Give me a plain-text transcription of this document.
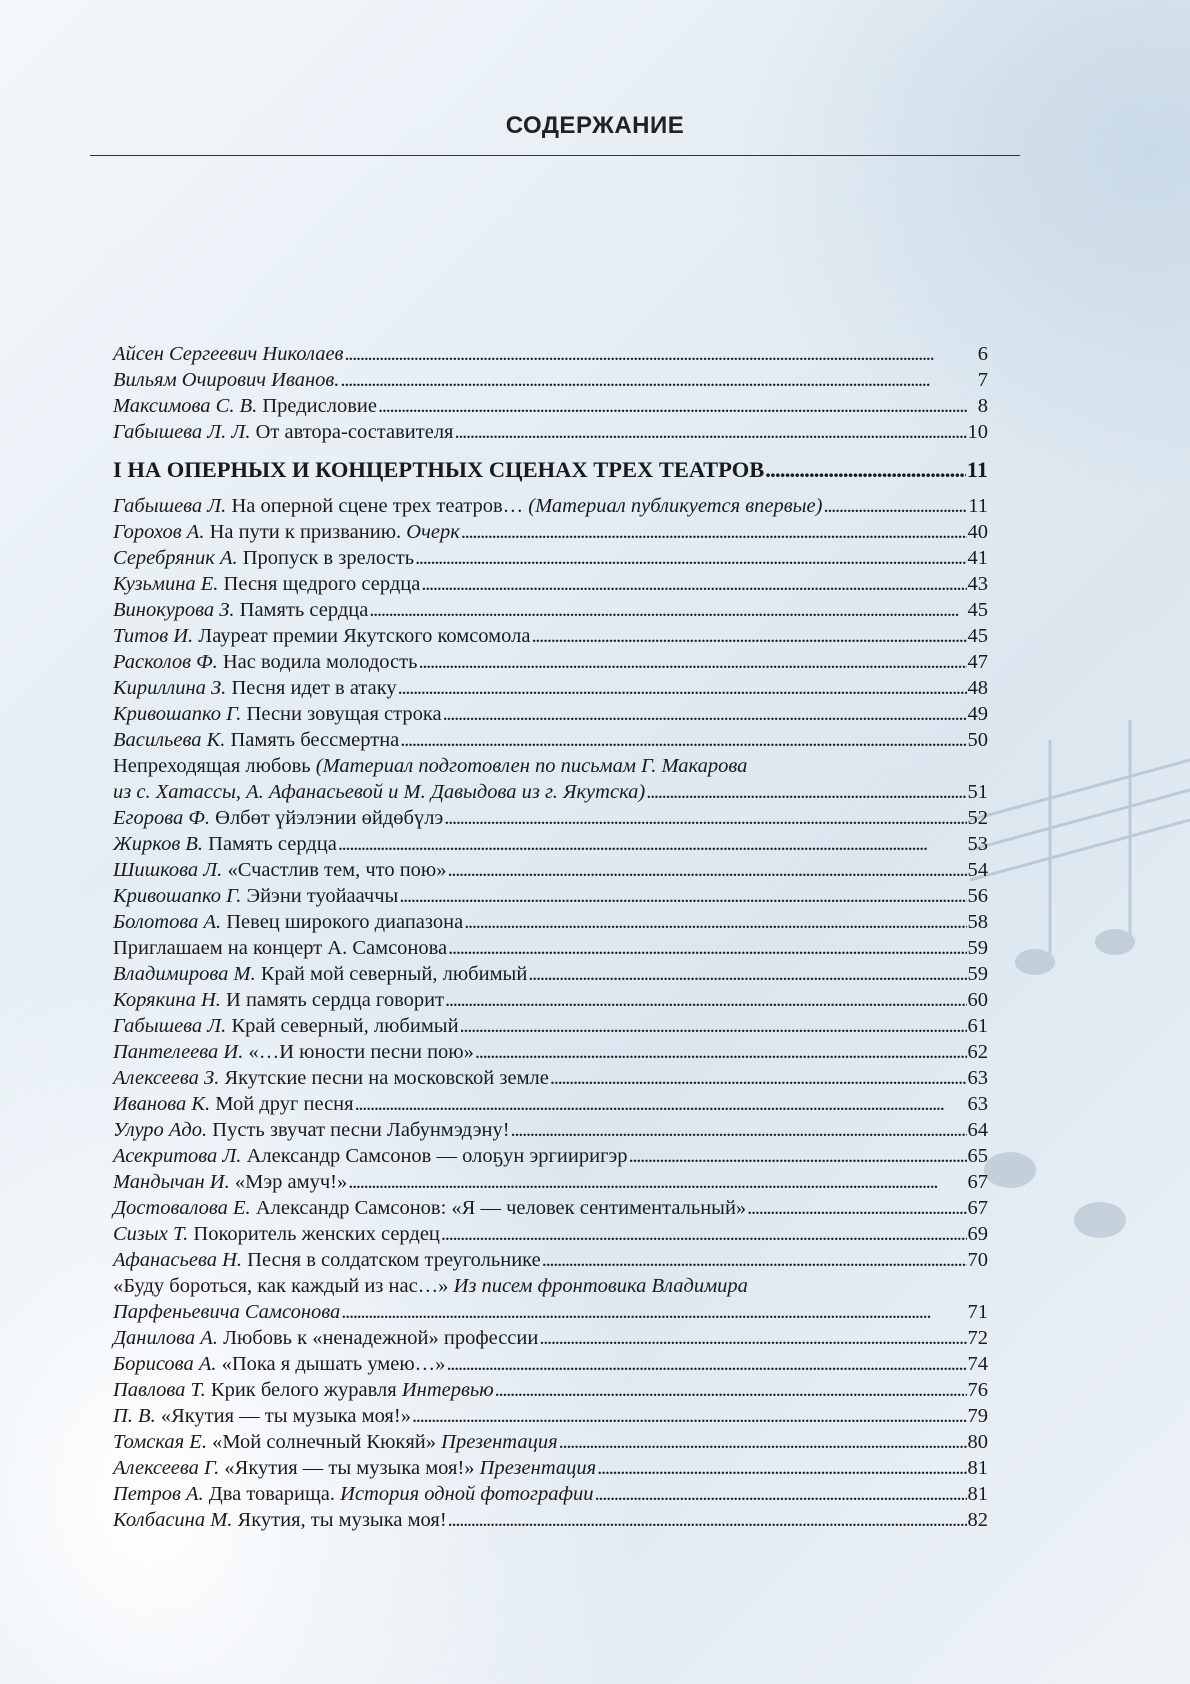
СОДЕРЖАНИЕ
Айсен Сергеевич Николаев . . .	6
Вильям Очирович Иванов. . . .	7
Максимова С. В. Предисловие . . .	8
Габышева Л. Л. От автора-составителя . . .	10
I НА ОПЕРНЫХ И КОНЦЕРТНЫХ СЦЕНАХ ТРЕХ ТЕАТРОВ . . .	11
Габышева Л. На оперной сцене трех театров… (Материал публикуется впервые) . . .	11
Горохов А. На пути к призванию. Очерк . . .	40
Серебряник А. Пропуск в зрелость . . .	41
Кузьмина Е. Песня щедрого сердца . . .	43
Винокурова З. Память сердца . . .	45
Титов И. Лауреат премии Якутского комсомола . . .	45
Расколов Ф. Нас водила молодость . . .	47
Кириллина З. Песня идет в атаку . . .	48
Кривошапко Г. Песни зовущая строка . . .	49
Васильева К. Память бессмертна . . .	50
Непреходящая любовь (Материал подготовлен по письмам Г. Макарова
из с. Хатассы, А. Афанасьевой и М. Давыдова из г. Якутска) . . .	51
Егорова Ф. Өлбөт үйэлэнии өйдөбүлэ . . .	52
Жирков В. Память сердца . . .	53
Шишкова Л. «Счастлив тем, что пою» . . .	54
Кривошапко Г. Эйэни туойааччы . . .	56
Болотова А. Певец широкого диапазона . . .	58
Приглашаем на концерт А. Самсонова . . .	59
Владимирова М. Край мой северный, любимый . . .	59
Корякина Н. И память сердца говорит . . .	60
Габышева Л. Край северный, любимый . . .	61
Пантелеева И. «…И юности песни пою» . . .	62
Алексеева З. Якутские песни на московской земле . . .	63
Иванова К. Мой друг песня . . .	63
Улуро Адо. Пусть звучат песни Лабунмэдэну! . . .	64
Асекритова Л. Александр Самсонов — олоҕун эргииригэр . . .	65
Мандычан И. «Мэр амуч!» . . .	67
Достовалова Е. Александр Самсонов: «Я — человек сентиментальный» . . .	67
Сизых Т. Покоритель женских сердец . . .	69
Афанасьева Н. Песня в солдатском треугольнике . . .	70
«Буду бороться, как каждый из нас…» Из писем фронтовика Владимира
Парфеньевича Самсонова . . .	71
Данилова А. Любовь к «ненадежной» профессии . . .	72
Борисова А. «Пока я дышать умею…» . . .	74
Павлова Т. Крик белого журавля Интервью . . .	76
П. В. «Якутия — ты музыка моя!» . . .	79
Томская Е. «Мой солнечный Кюкяй» Презентация . . .	80
Алексеева Г. «Якутия — ты музыка моя!» Презентация . . .	81
Петров А. Два товарища. История одной фотографии . . .	81
Колбасина М. Якутия, ты музыка моя! . . .	82
